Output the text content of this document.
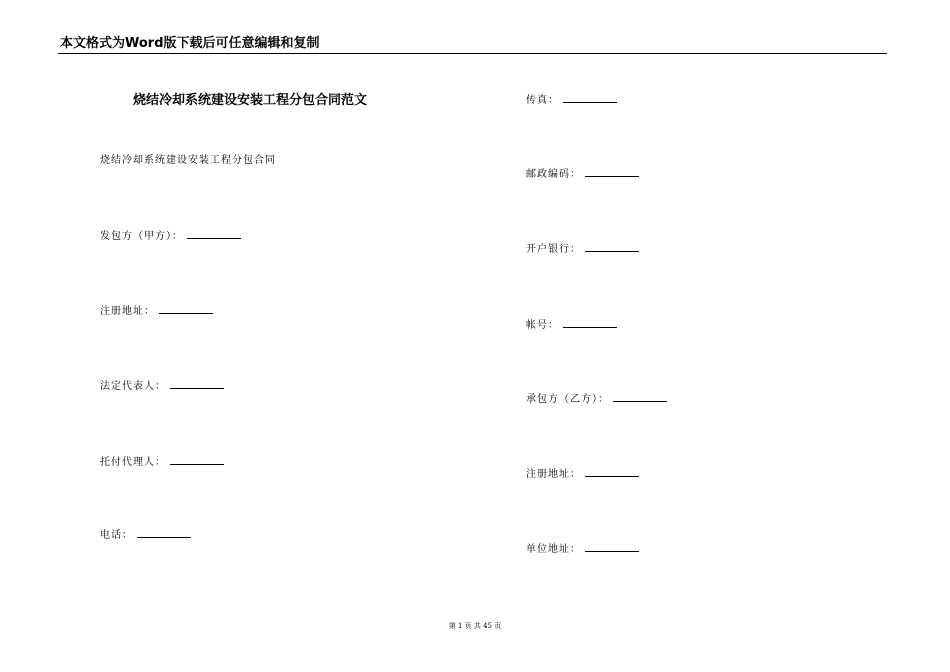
本文格式为Word版下载后可任意编辑和复制
烧结冷却系统建设安装工程分包合同范文
烧结冷却系统建设安装工程分包合同
发包方（甲方）：
注册地址：
法定代表人：
托付代理人：
电话：
传真：
邮政编码：
开户银行：
帐号：
承包方（乙方）：
注册地址：
单位地址：
第 1 页 共 45 页
